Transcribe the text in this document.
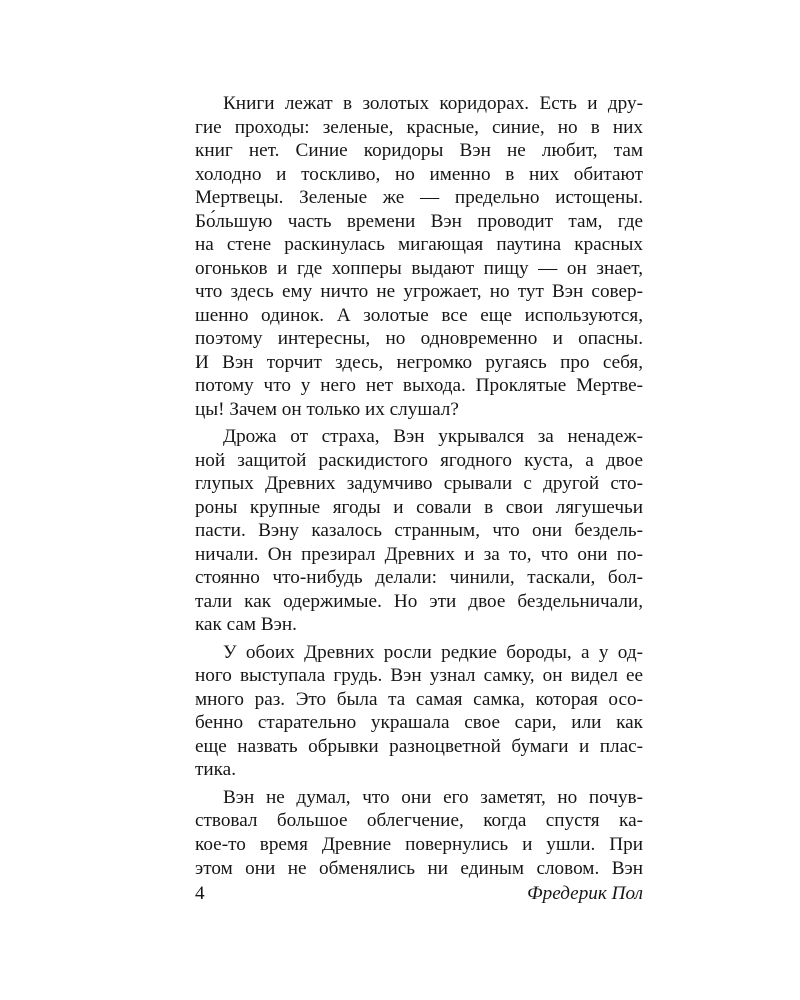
Книги лежат в золотых коридорах. Есть и дру-
гие проходы: зеленые, красные, синие, но в них
книг нет. Синие коридоры Вэн не любит, там
холодно и тоскливо, но именно в них обитают
Мертвецы. Зеленые же — предельно истощены.
Бо́льшую часть времени Вэн проводит там, где
на стене раскинулась мигающая паутина красных
огоньков и где хопперы выдают пищу — он знает,
что здесь ему ничто не угрожает, но тут Вэн совер-
шенно одинок. А золотые все еще используются,
поэтому интересны, но одновременно и опасны.
И Вэн торчит здесь, негромко ругаясь про себя,
потому что у него нет выхода. Проклятые Мертве-
цы! Зачем он только их слушал?
Дрожа от страха, Вэн укрывался за ненадеж-
ной защитой раскидистого ягодного куста, а двое
глупых Древних задумчиво срывали с другой сто-
роны крупные ягоды и совали в свои лягушечьи
пасти. Вэну казалось странным, что они бездель-
ничали. Он презирал Древних и за то, что они по-
стоянно что-нибудь делали: чинили, таскали, бол-
тали как одержимые. Но эти двое бездельничали,
как сам Вэн.
У обоих Древних росли редкие бороды, а у од-
ного выступала грудь. Вэн узнал самку, он видел ее
много раз. Это была та самая самка, которая осо-
бенно старательно украшала свое сари, или как
еще назвать обрывки разноцветной бумаги и плас-
тика.
Вэн не думал, что они его заметят, но почув-
ствовал большое облегчение, когда спустя ка-
кое-то время Древние повернулись и ушли. При
этом они не обменялись ни единым словом. Вэн
4	Фредерик Пол
